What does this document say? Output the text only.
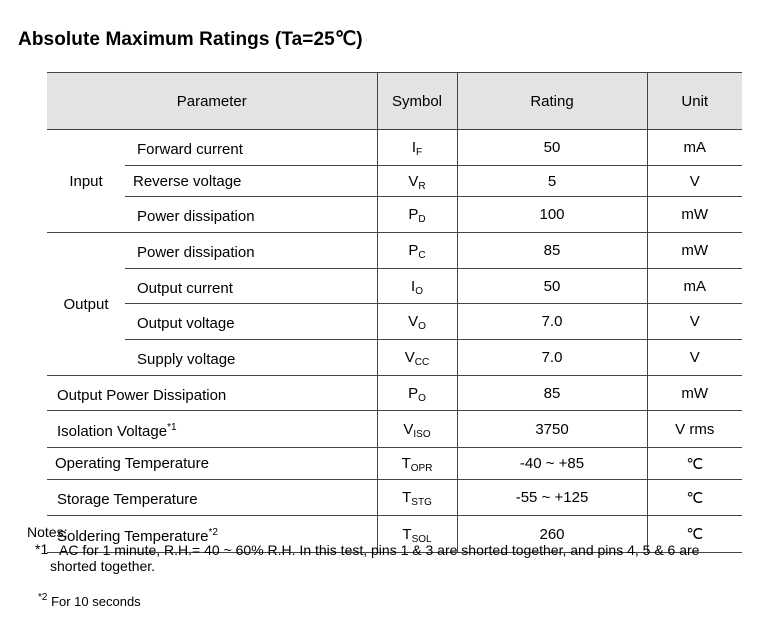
Absolute Maximum Ratings (Ta=25℃)
Parameter		Symbol	Rating	Unit
Input	Forward current	$I_F$	50	mA
	Reverse voltage	$V_R$	5	V
	Power dissipation	$P_D$	100	mW
Output	Power dissipation	$P_C$	85	mW
	Output current	$I_O$	50	mA
	Output voltage	$V_O$	7.0	V
	Supply voltage	$V_{CC}$	7.0	V
Output Power Dissipation		$P_O$	85	mW
Isolation Voltage$^{*1}$		$V_{ISO}$	3750	V rms
Operating Temperature		$T_{OPR}$	-40 ~ +85	℃
Storage Temperature		$T_{STG}$	-55 ~ +125	℃
Soldering Temperature$^{*2}$		$T_{SOL}$	260	℃
Notes:
*1 AC for 1 minute, R.H.= 40 ~ 60% R.H. In this test, pins 1 & 3 are shorted together, and pins 4, 5 & 6 are
shorted together.
$^{*2}$ For 10 seconds
